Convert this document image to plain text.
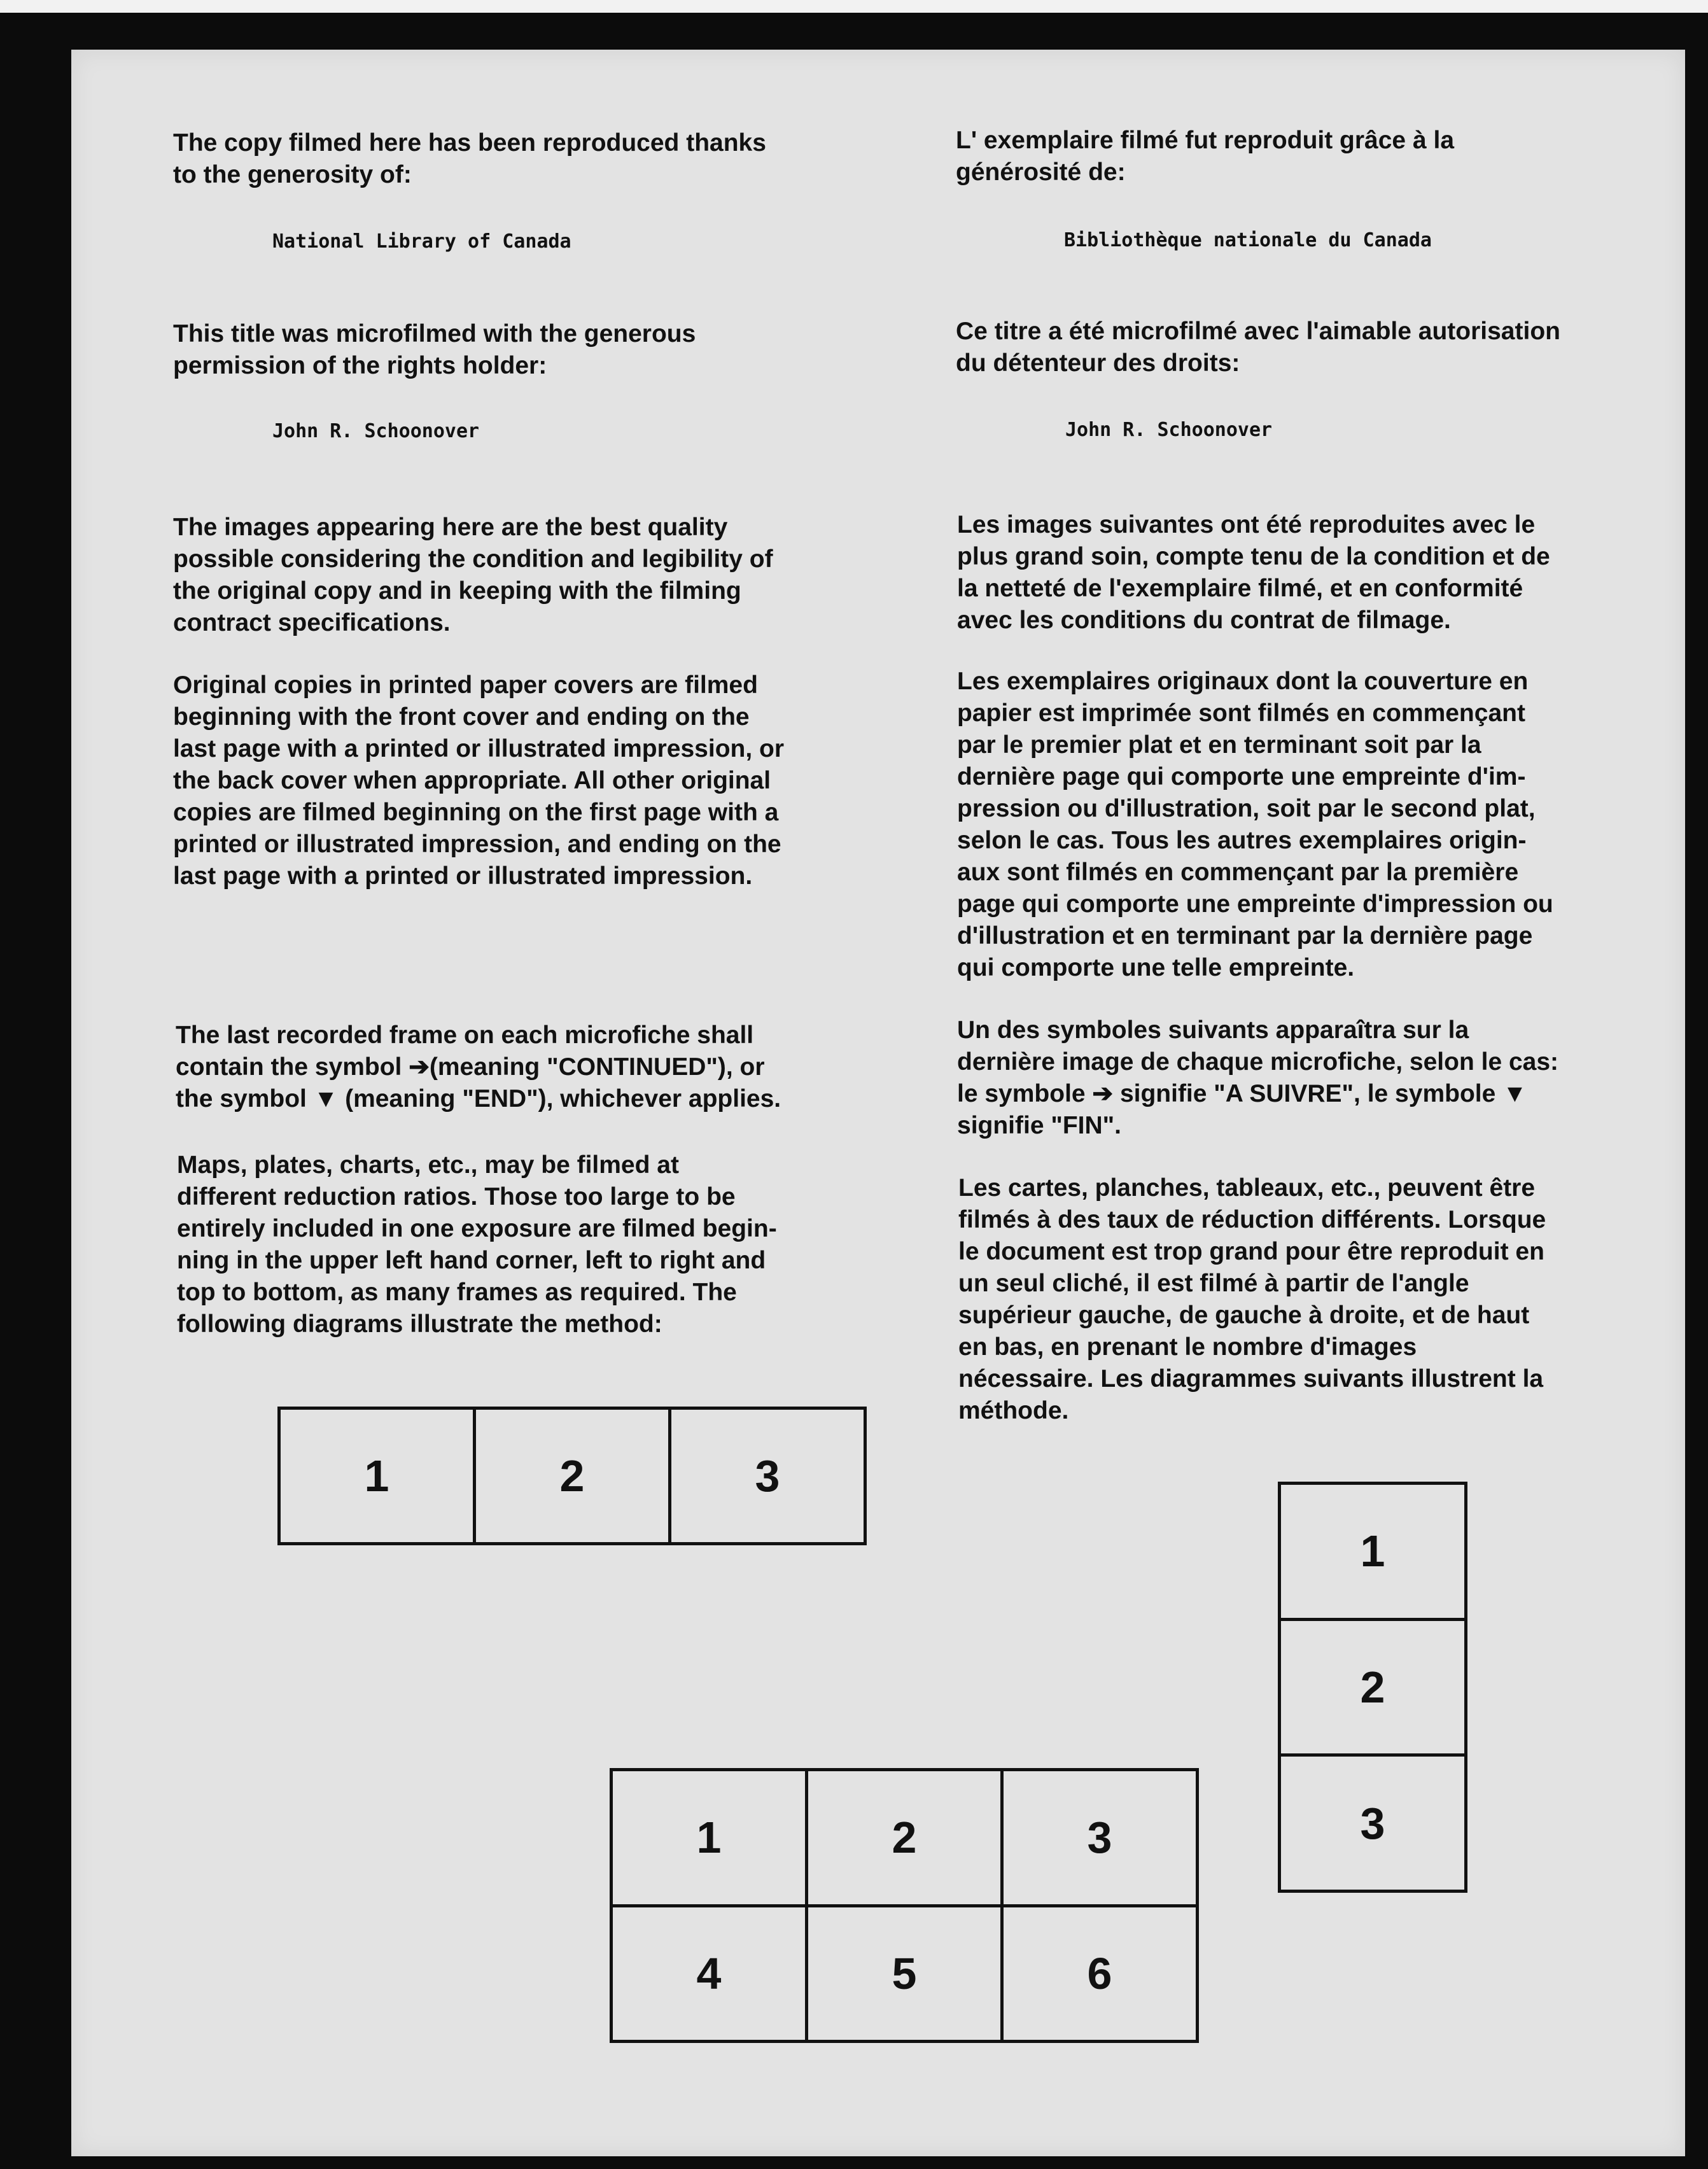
The copy filmed here has been reproduced thanks
to the generosity of:

National Library of Canada

This title was microfilmed with the generous
permission of the rights holder:

John R. Schoonover

The images appearing here are the best quality
possible considering the condition and legibility of
the original copy and in keeping with the filming
contract specifications.

Original copies in printed paper covers are filmed
beginning with the front cover and ending on the
last page with a printed or illustrated impression, or
the back cover when appropriate. All other original
copies are filmed beginning on the first page with a
printed or illustrated impression, and ending on the
last page with a printed or illustrated impression.

The last recorded frame on each microfiche shall
contain the symbol ➔(meaning "CONTINUED"), or
the symbol ▼ (meaning "END"), whichever applies.

Maps, plates, charts, etc., may be filmed at
different reduction ratios. Those too large to be
entirely included in one exposure are filmed begin-
ning in the upper left hand corner, left to right and
top to bottom, as many frames as required. The
following diagrams illustrate the method:

L' exemplaire filmé fut reproduit grâce à la
générosité de:

Bibliothèque nationale du Canada

Ce titre a été microfilmé avec l'aimable autorisation
du détenteur des droits:

John R. Schoonover

Les images suivantes ont été reproduites avec le
plus grand soin, compte tenu de la condition et de
la netteté de l'exemplaire filmé, et en conformité
avec les conditions du contrat de filmage.

Les exemplaires originaux dont la couverture en
papier est imprimée sont filmés en commençant
par le premier plat et en terminant soit par la
dernière page qui comporte une empreinte d'im-
pression ou d'illustration, soit par le second plat,
selon le cas. Tous les autres exemplaires origin-
aux sont filmés en commençant par la première
page qui comporte une empreinte d'impression ou
d'illustration et en terminant par la dernière page
qui comporte une telle empreinte.

Un des symboles suivants apparaîtra sur la
dernière image de chaque microfiche, selon le cas:
le symbole ➔ signifie "A SUIVRE", le symbole ▼
signifie "FIN".

Les cartes, planches, tableaux, etc., peuvent être
filmés à des taux de réduction différents. Lorsque
le document est trop grand pour être reproduit en
un seul cliché, il est filmé à partir de l'angle
supérieur gauche, de gauche à droite, et de haut
en bas, en prenant le nombre d'images
nécessaire. Les diagrammes suivants illustrent la
méthode.

1	2	3
1
2
3
1	2	3
4	5	6
